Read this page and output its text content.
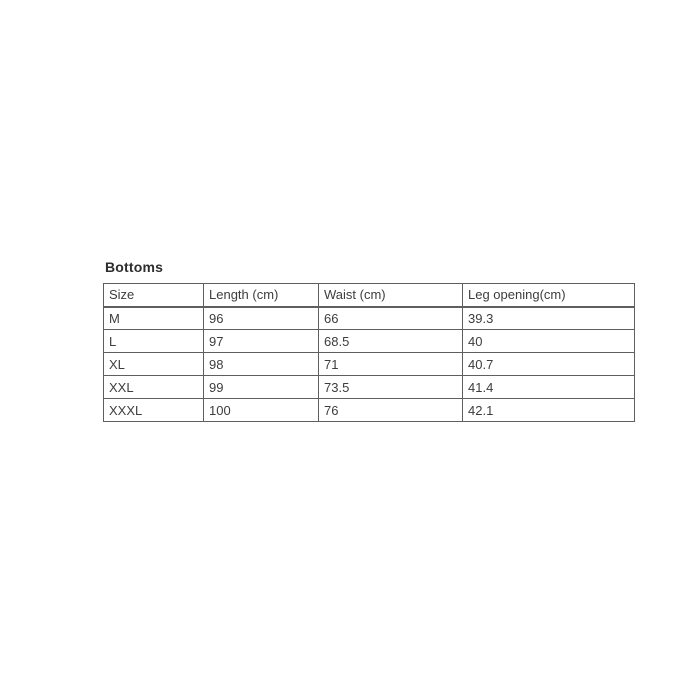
Bottoms
Size	Length (cm)	Waist (cm)	Leg opening(cm)
M	96	66	39.3
L	97	68.5	40
XL	98	71	40.7
XXL	99	73.5	41.4
XXXL	100	76	42.1
